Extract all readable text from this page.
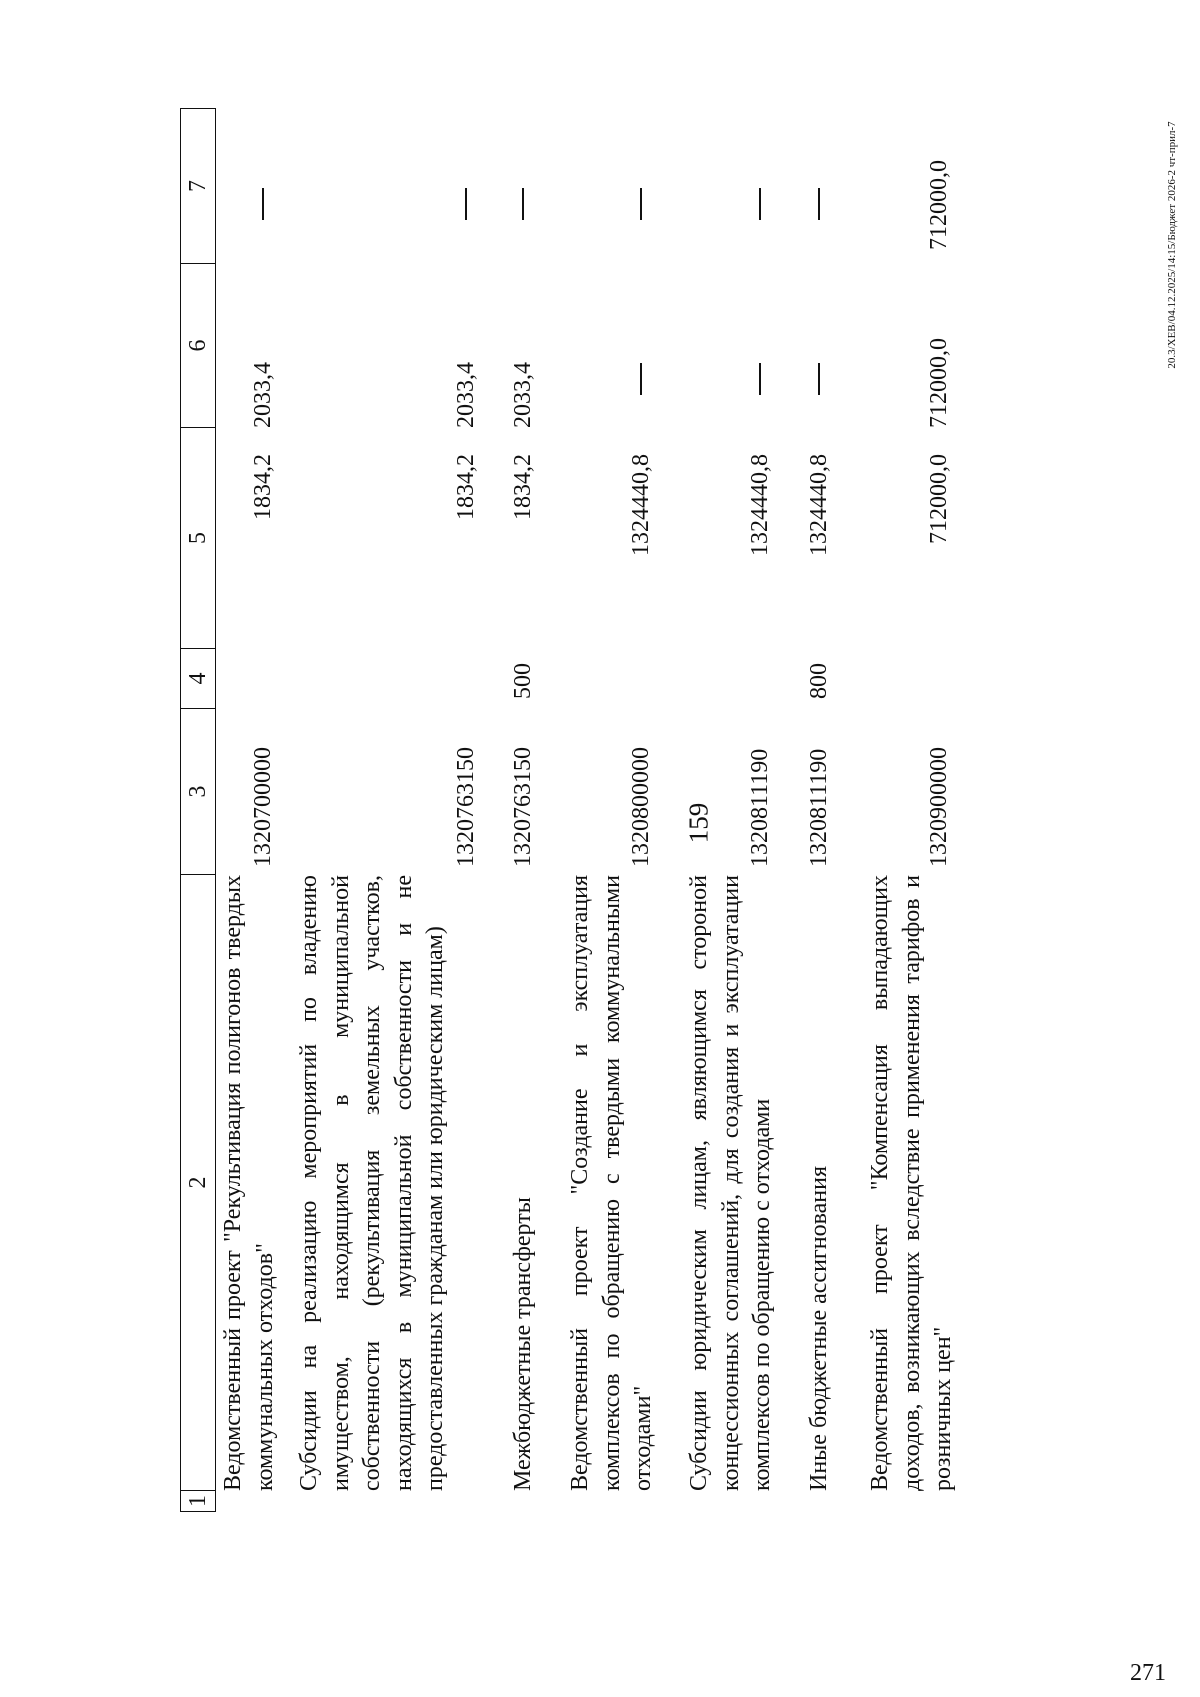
159
271
20.3/ХЕВ/04.12.2025/14:15/Бюджет 2026-2 чт-прил-7
1
2
3
4
5
6
7
Ведомственный проект "Рекультивация полигонов твердых коммунальных отходов"
1320700000
1834,2
2033,4
Субсидии на реализацию мероприятий по владению имуществом, находящимся в муниципальной собственности (рекультивация земельных участков, находящихся в муниципальной собственности и не предоставленных гражданам или юридическим лицам)
1320763150
1834,2
2033,4
Межбюджетные трансферты
1320763150
500
1834,2
2033,4
Ведомственный проект "Создание и эксплуатация комплексов по обращению с твердыми коммунальными отходами"
1320800000
1324440,8
Субсидии юридическим лицам, являющимся стороной концессионных соглашений, для создания и эксплуатации комплексов по обращению с отходами
1320811190
1324440,8
Иные бюджетные ассигнования
1320811190
800
1324440,8
Ведомственный проект "Компенсация выпадающих доходов, возникающих вследствие применения тарифов и розничных цен"
1320900000
712000,0
712000,0
712000,0
